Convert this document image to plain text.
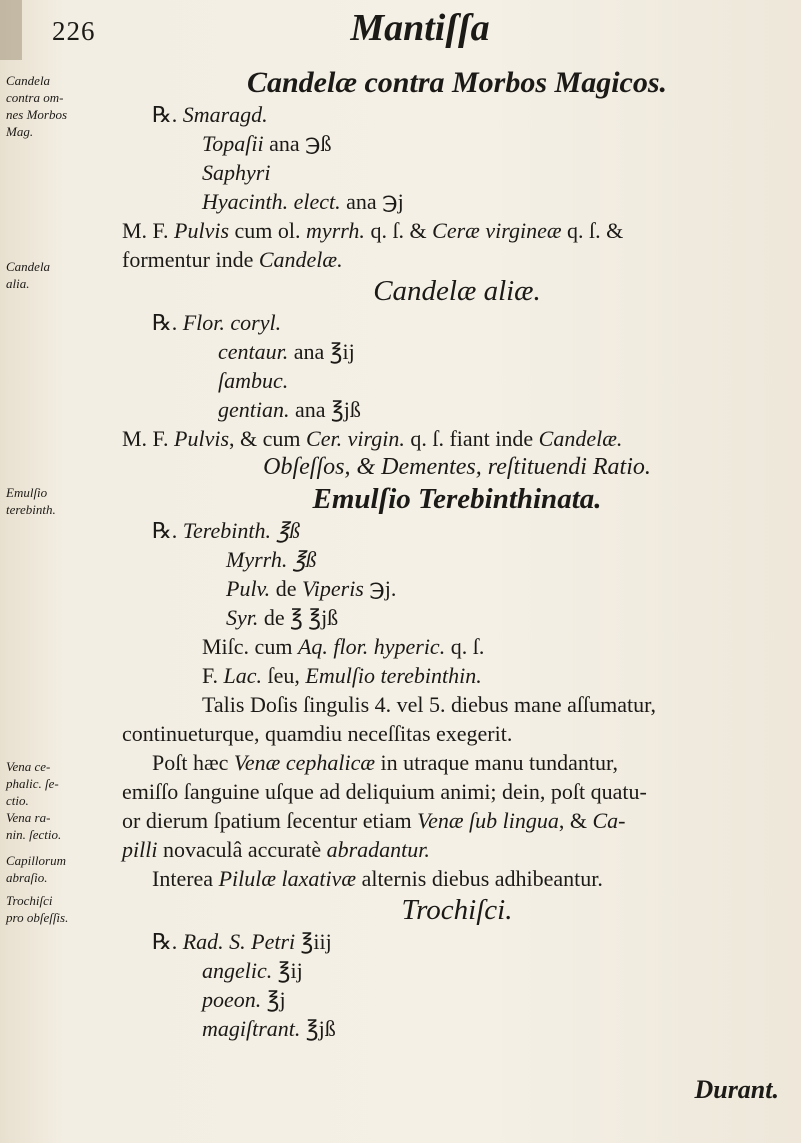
226	Mantiſſa
Candela
contra om-
nes Morbos
Mag.
Candela
alia.
Emulſio
terebinth.
Vena ce-
phalic. ſe-
ctio.
Vena ra-
nin. ſectio.
Capillorum
abraſio.
Trochiſci
pro obſeſſis.
Candelæ contra Morbos Magicos.
℞. Smaragd.
Topaſii ana ℈ß
Saphyri
Hyacinth. elect. ana ℈j
M. F. Pulvis cum ol. myrrh. q. ſ. & Ceræ virgineæ q. ſ. &
formentur inde Candelæ.
Candelæ aliæ.
℞. Flor. coryl.
centaur. ana ℥ij
ſambuc.
gentian. ana ℥jß
M. F. Pulvis, & cum Cer. virgin. q. ſ. fiant inde Candelæ.
Obſeſſos, & Dementes, reſtituendi Ratio.
Emulſio Terebinthinata.
℞. Terebinth. ℥ß
Myrrh. ℥ß
Pulv. de Viperis ℈j.
Syr. de ℥ ℥jß
Miſc. cum Aq. flor. hyperic. q. ſ.
F. Lac. ſeu, Emulſio terebinthin.
Talis Doſis ſingulis 4. vel 5. diebus mane aſſumatur,
continueturque, quamdiu neceſſitas exegerit.
Poſt hæc Venæ cephalicæ in utraque manu tundantur,
emiſſo ſanguine uſque ad deliquium animi; dein, poſt quatu-
or dierum ſpatium ſecentur etiam Venæ ſub lingua, & Ca-
pilli novaculâ accuratè abradantur.
Interea Pilulæ laxativæ alternis diebus adhibeantur.
Trochiſci.
℞. Rad. S. Petri ℥iij
angelic. ℥ij
poeon. ℥j
magiſtrant. ℥jß
Durant.
